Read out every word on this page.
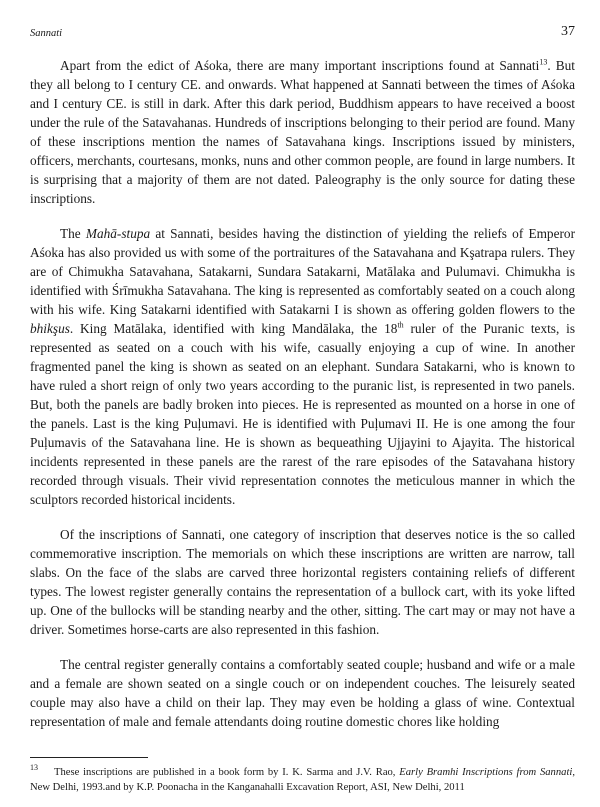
Sannati	37

Apart from the edict of Aśoka, there are many important inscriptions found at Sannati$^{13}$. But they all belong to I century CE. and onwards. What happened at Sannati between the times of Aśoka and I century CE. is still in dark. After this dark period, Buddhism appears to have received a boost under the rule of the Satavahanas. Hundreds of inscriptions belonging to their period are found. Many of these inscriptions mention the names of Satavahana kings. Inscriptions issued by ministers, officers, merchants, courtesans, monks, nuns and other common people, are found in large numbers. It is surprising that a majority of them are not dated. Paleography is the only source for dating these inscriptions.

The Mahā-stupa at Sannati, besides having the distinction of yielding the reliefs of Emperor Aśoka has also provided us with some of the portraitures of the Satavahana and Kşatrapa rulers. They are of Chimukha Satavahana, Satakarni, Sundara Satakarni, Matālaka and Pulumavi. Chimukha is identified with Śrīmukha Satavahana. The king is represented as comfortably seated on a couch along with his wife. King Satakarni identified with Satakarni I is shown as offering golden flowers to the bhikşus. King Matālaka, identified with king Mandālaka, the 18th ruler of the Puranic texts, is represented as seated on a couch with his wife, casually enjoying a cup of wine. In another fragmented panel the king is shown as seated on an elephant. Sundara Satakarni, who is known to have ruled a short reign of only two years according to the puranic list, is represented in two panels. But, both the panels are badly broken into pieces. He is represented as mounted on a horse in one of the panels. Last is the king Puļumavi. He is identified with Puļumavi II. He is one among the four Puļumavis of the Satavahana line. He is shown as bequeathing Ujjayini to Ajayita. The historical incidents represented in these panels are the rarest of the rare episodes of the Satavahana history recorded through visuals. Their vivid representation connotes the meticulous manner in which the sculptors recorded historical incidents.

Of the inscriptions of Sannati, one category of inscription that deserves notice is the so called commemorative inscription. The memorials on which these inscriptions are written are narrow, tall slabs. On the face of the slabs are carved three horizontal registers containing reliefs of different types. The lowest register generally contains the representation of a bullock cart, with its yoke lifted up. One of the bullocks will be standing nearby and the other, sitting. The cart may or may not have a driver. Sometimes horse-carts are also represented in this fashion.

The central register generally contains a comfortably seated couple; husband and wife or a male and a female are shown seated on a single couch or on independent couches. The leisurely seated couple may also have a child on their lap. They may even be holding a glass of wine. Contextual representation of male and female attendants doing routine domestic chores like holding

$^{13}$ These inscriptions are published in a book form by I. K. Sarma and J.V. Rao, Early Bramhi Inscriptions from Sannati, New Delhi, 1993.and by K.P. Poonacha in the Kanganahalli Excavation Report, ASI, New Delhi, 2011
